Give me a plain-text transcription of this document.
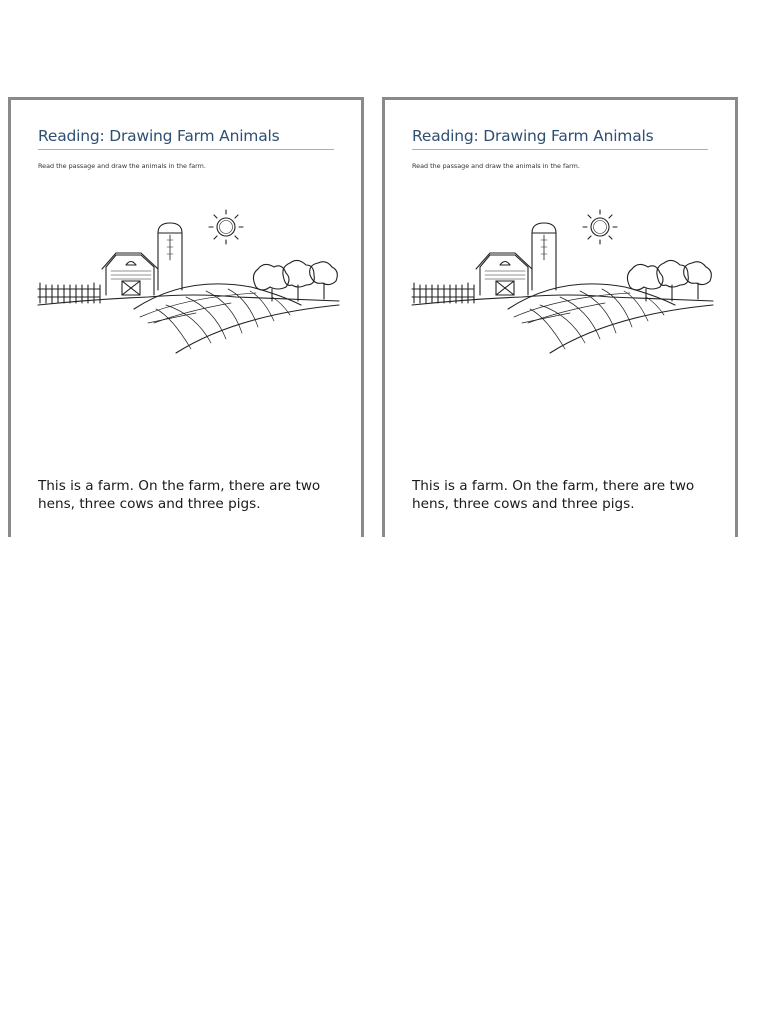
Reading: Drawing Farm Animals
Read the passage and draw the animals in the farm.
This is a farm. On the farm, there are two hens, three cows and three pigs.
Reading: Drawing Farm Animals
Read the passage and draw the animals in the farm.
This is a farm. On the farm, there are two hens, three cows and three pigs.
